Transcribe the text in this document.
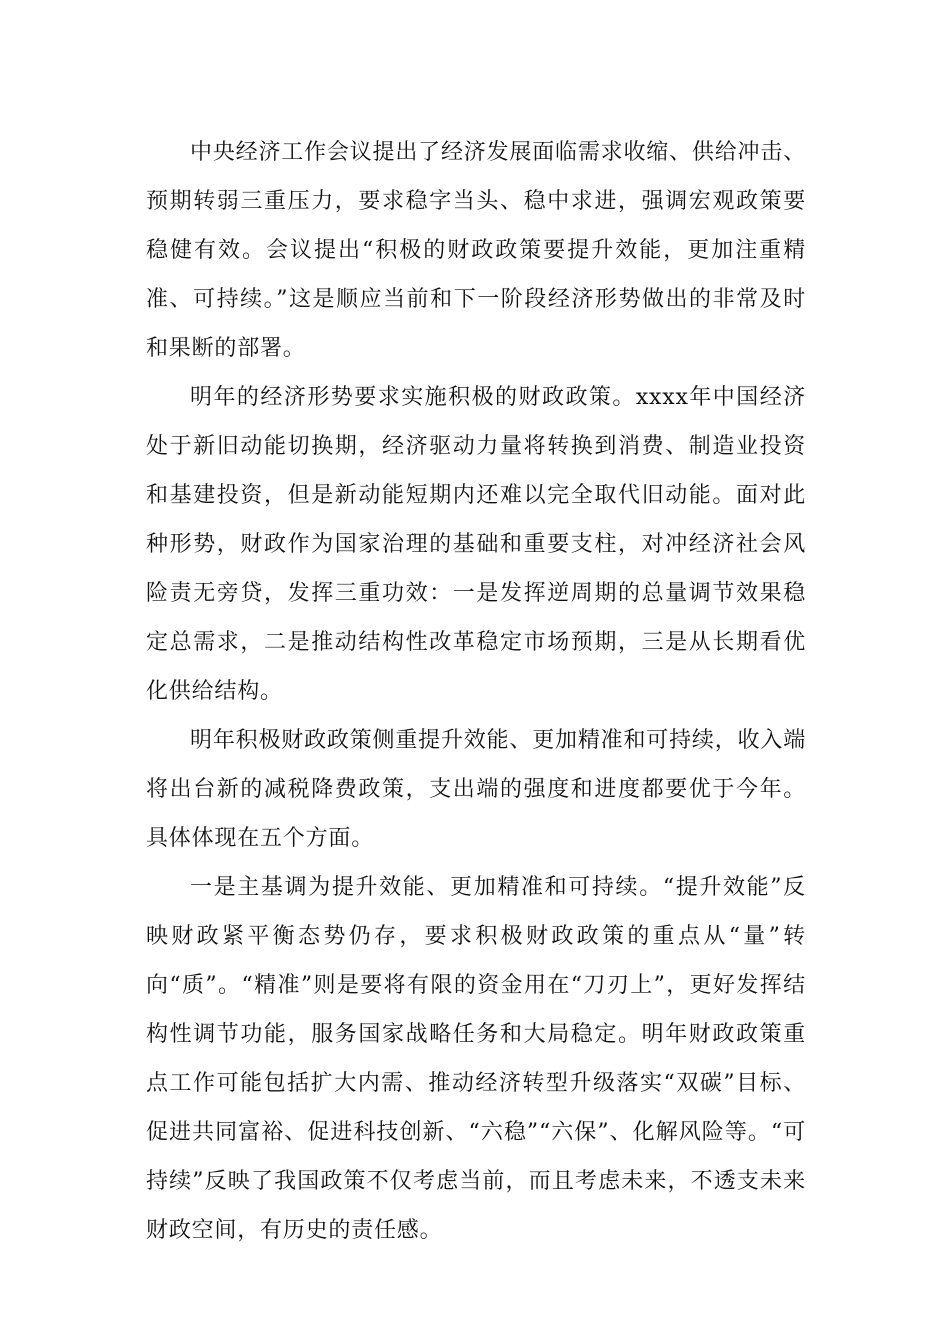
中央经济工作会议提出了经济发展面临需求收缩、供给冲击、预期转弱三重压力，要求稳字当头、稳中求进，强调宏观政策要稳健有效。会议提出“积极的财政政策要提升效能，更加注重精准、可持续。”这是顺应当前和下一阶段经济形势做出的非常及时和果断的部署。

明年的经济形势要求实施积极的财政政策。xxxx年中国经济处于新旧动能切换期，经济驱动力量将转换到消费、制造业投资和基建投资，但是新动能短期内还难以完全取代旧动能。面对此种形势，财政作为国家治理的基础和重要支柱，对冲经济社会风险责无旁贷，发挥三重功效：一是发挥逆周期的总量调节效果稳定总需求，二是推动结构性改革稳定市场预期，三是从长期看优化供给结构。

明年积极财政政策侧重提升效能、更加精准和可持续，收入端将出台新的减税降费政策，支出端的强度和进度都要优于今年。具体体现在五个方面。

一是主基调为提升效能、更加精准和可持续。“提升效能”反映财政紧平衡态势仍存，要求积极财政政策的重点从“量”转向“质”。“精准”则是要将有限的资金用在“刀刃上”，更好发挥结构性调节功能，服务国家战略任务和大局稳定。明年财政政策重点工作可能包括扩大内需、推动经济转型升级落实“双碳”目标、促进共同富裕、促进科技创新、“六稳”“六保”、化解风险等。“可持续”反映了我国政策不仅考虑当前，而且考虑未来，不透支未来财政空间，有历史的责任感。
